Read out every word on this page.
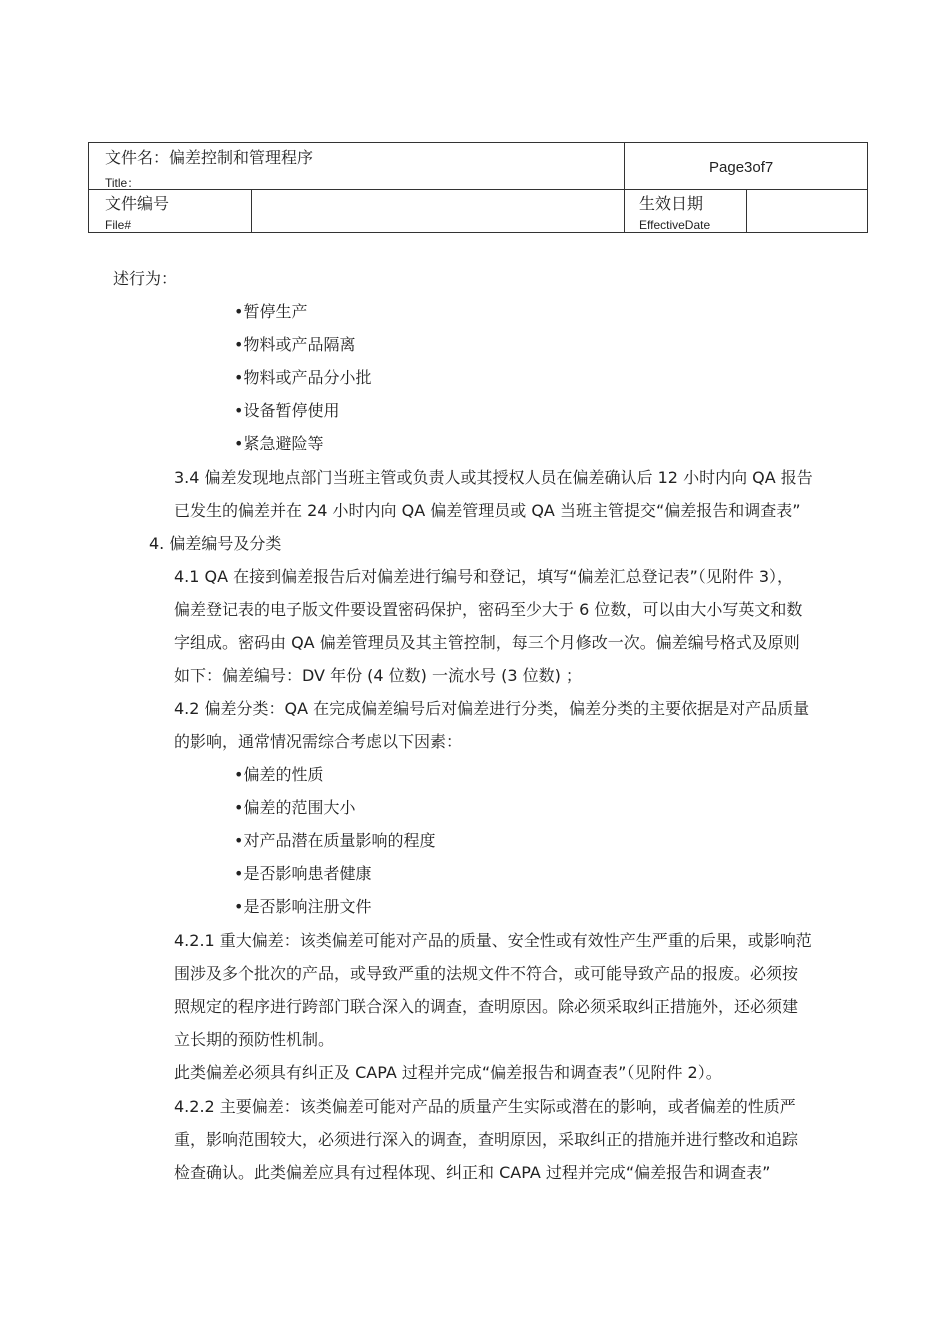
文件名：偏差控制和管理程序
Title：
Page3of7
文件编号
File#
生效日期
EffectiveDate
述行为：
•暂停生产
•物料或产品隔离
•物料或产品分小批
•设备暂停使用
•紧急避险等
3.4 偏差发现地点部门当班主管或负责人或其授权人员在偏差确认后 12 小时内向 QA 报告
已发生的偏差并在 24 小时内向 QA 偏差管理员或 QA 当班主管提交“偏差报告和调查表”
4. 偏差编号及分类
4.1 QA 在接到偏差报告后对偏差进行编号和登记，填写“偏差汇总登记表”（见附件 3），
偏差登记表的电子版文件要设置密码保护，密码至少大于 6 位数，可以由大小写英文和数
字组成。密码由 QA 偏差管理员及其主管控制，每三个月修改一次。偏差编号格式及原则
如下：偏差编号：DV 年份 (4 位数) 一流水号 (3 位数) ；
4.2 偏差分类：QA 在完成偏差编号后对偏差进行分类，偏差分类的主要依据是对产品质量
的影响，通常情况需综合考虑以下因素：
•偏差的性质
•偏差的范围大小
•对产品潜在质量影响的程度
•是否影响患者健康
•是否影响注册文件
4.2.1 重大偏差：该类偏差可能对产品的质量、安全性或有效性产生严重的后果，或影响范
围涉及多个批次的产品，或导致严重的法规文件不符合，或可能导致产品的报废。必须按
照规定的程序进行跨部门联合深入的调查，查明原因。除必须采取纠正措施外，还必须建
立长期的预防性机制。
此类偏差必须具有纠正及 CAPA 过程并完成“偏差报告和调查表”（见附件 2）。
4.2.2 主要偏差：该类偏差可能对产品的质量产生实际或潜在的影响，或者偏差的性质严
重，影响范围较大，必须进行深入的调查，查明原因，采取纠正的措施并进行整改和追踪
检查确认。此类偏差应具有过程体现、纠正和 CAPA 过程并完成“偏差报告和调查表”
